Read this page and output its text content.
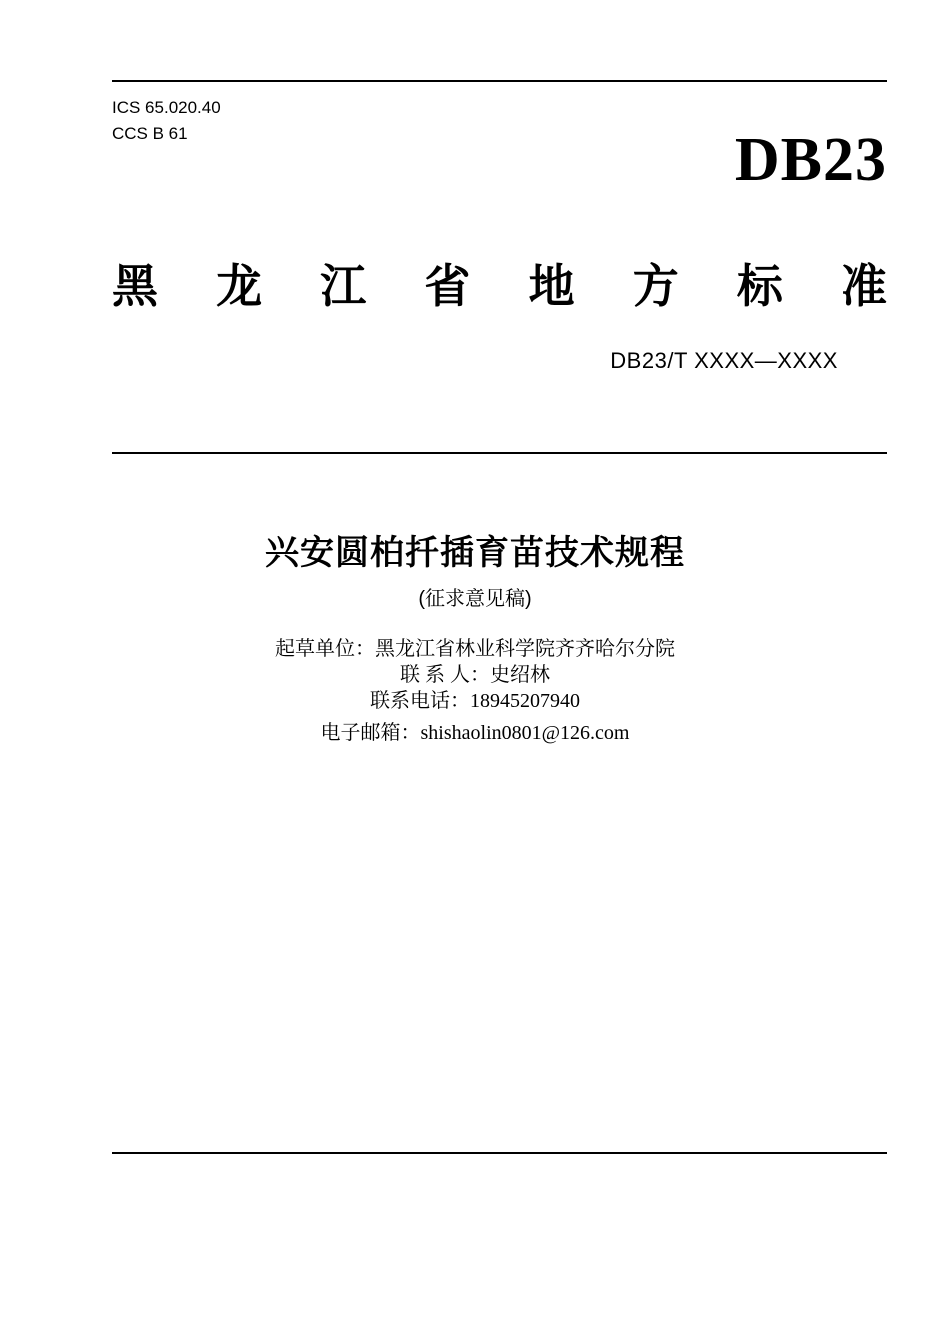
ICS 65.020.40
CCS B 61	DB23
黑 龙 江 省 地 方 标 准
DB23/T XXXX—XXXX
兴安圆柏扦插育苗技术规程
(征求意见稿)
起草单位：黑龙江省林业科学院齐齐哈尔分院
联 系 人：史绍林
联系电话：18945207940
电子邮箱：shishaolin0801@126.com
